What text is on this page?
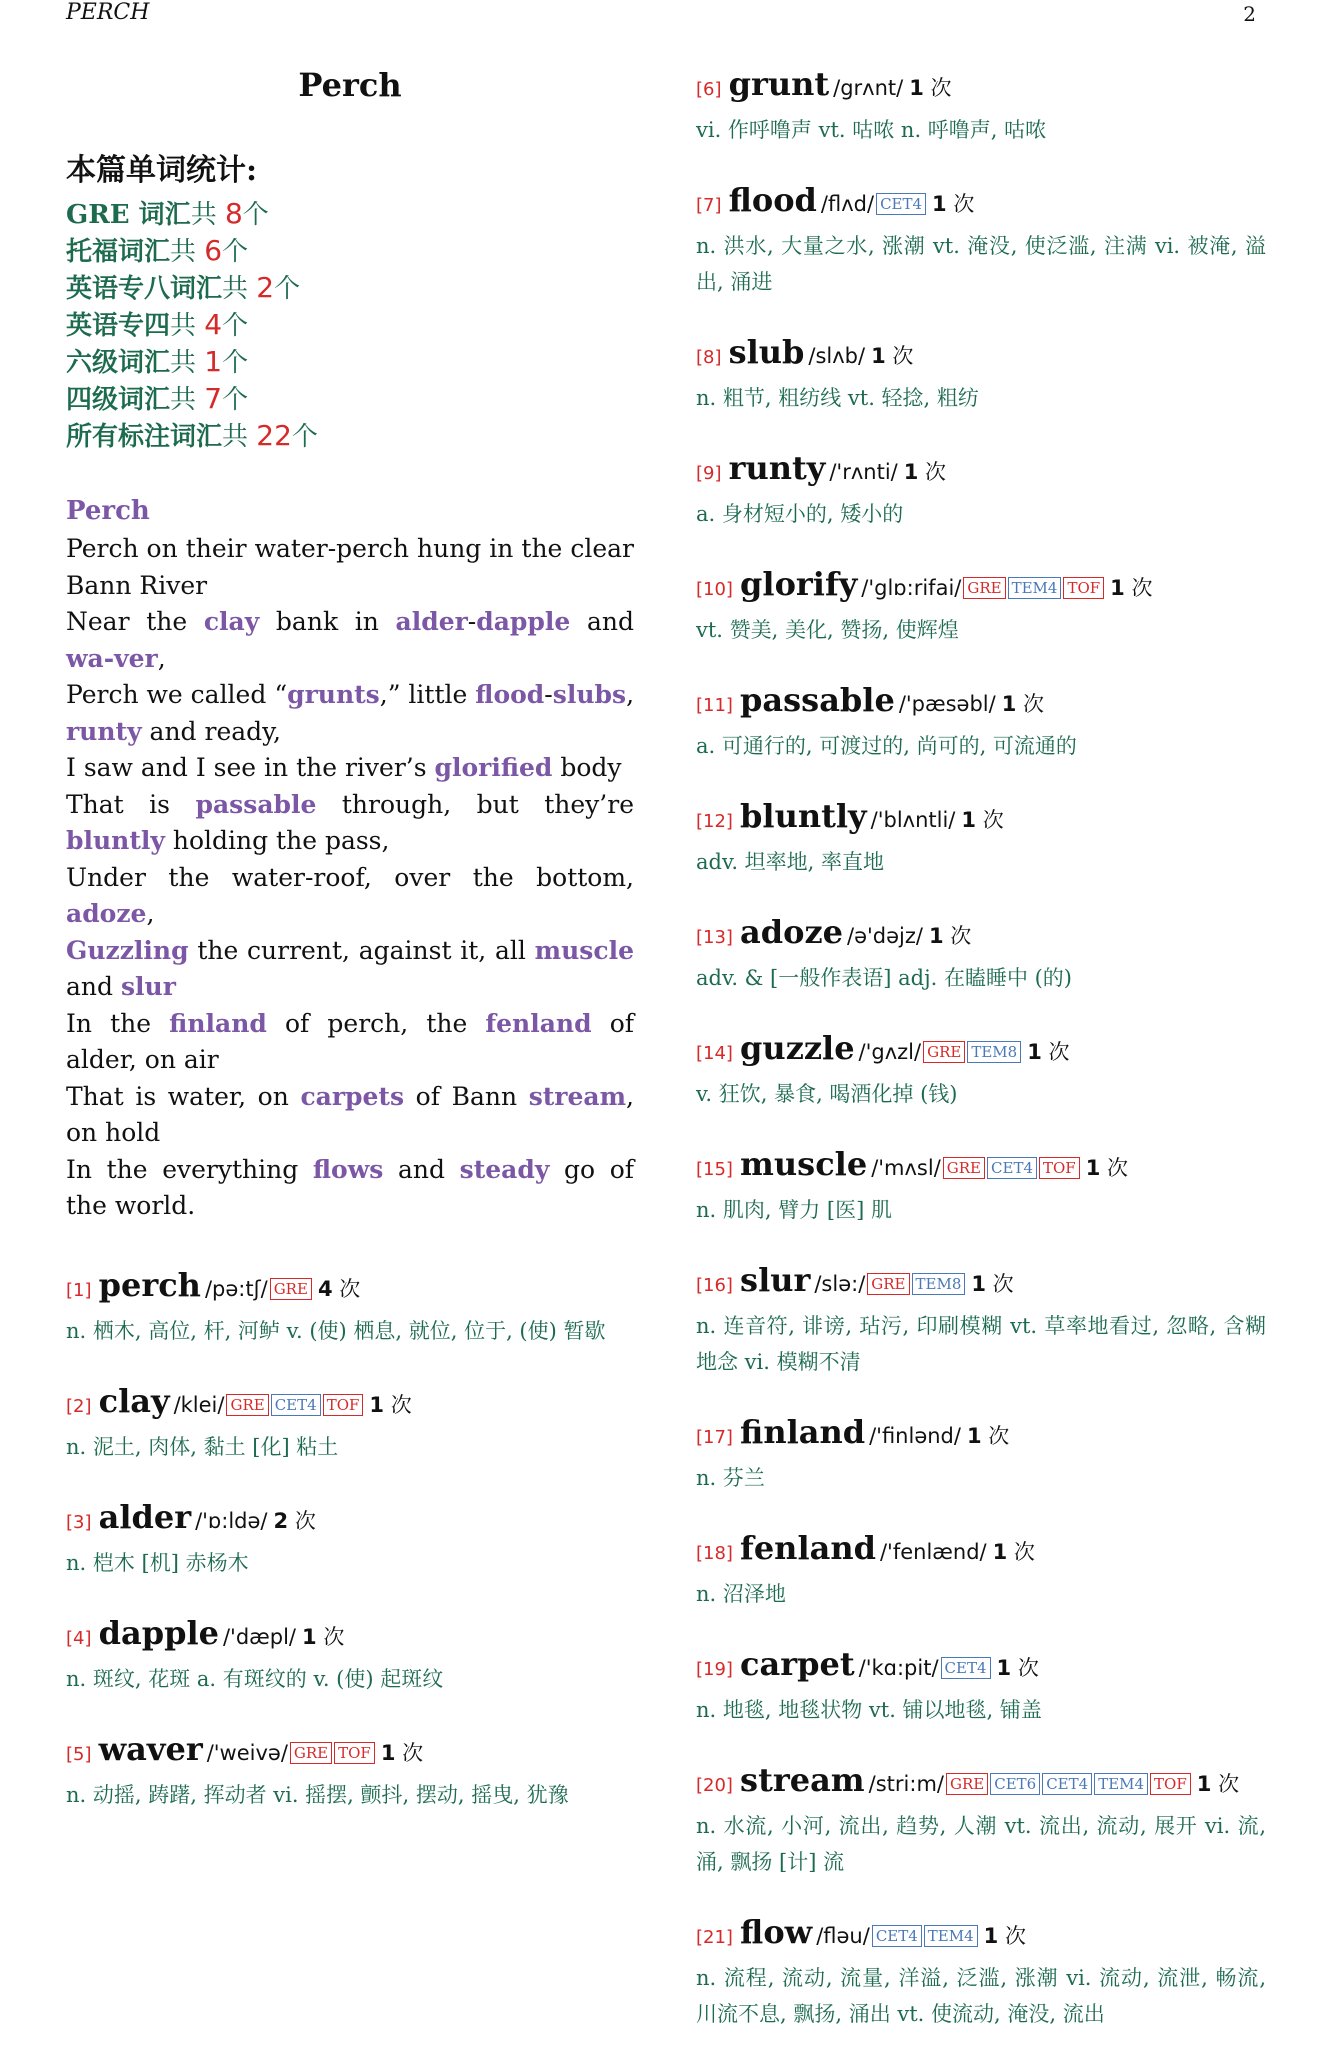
PERCH	2
Perch
本篇单词统计:
GRE 词汇共 8个
托福词汇共 6个
英语专八词汇共 2个
英语专四共 4个
六级词汇共 1个
四级词汇共 7个
所有标注词汇共 22个
Perch
Perch on their water-perch hung in the clear Bann River
Near the clay bank in alder-dapple and wa-ver,
Perch we called “grunts,” little flood-slubs, runty and ready,
I saw and I see in the river’s glorified body
That is passable through, but they’re bluntly holding the pass,
Under the water-roof, over the bottom, adoze,
Guzzling the current, against it, all muscle and slur
In the finland of perch, the fenland of alder, on air
That is water, on carpets of Bann stream, on hold
In the everything flows and steady go of the world.
[1] perch /pə:tʃ/ GRE 4 次
n. 栖木, 高位, 杆, 河鲈 v. (使) 栖息, 就位, 位于, (使) 暂歇
[2] clay /klei/ GRE CET4 TOF 1 次
n. 泥土, 肉体, 黏土 [化] 粘土
[3] alder /'ɒ:ldə/ 2 次
n. 桤木 [机] 赤杨木
[4] dapple /'dæpl/ 1 次
n. 斑纹, 花斑 a. 有斑纹的 v. (使) 起斑纹
[5] waver /'weivə/ GRE TOF 1 次
n. 动摇, 踌躇, 挥动者 vi. 摇摆, 颤抖, 摆动, 摇曳, 犹豫
[6] grunt /grʌnt/ 1 次
vi. 作呼噜声 vt. 咕哝 n. 呼噜声, 咕哝
[7] flood /flʌd/ CET4 1 次
n. 洪水, 大量之水, 涨潮 vt. 淹没, 使泛滥, 注满 vi. 被淹, 溢出, 涌进
[8] slub /slʌb/ 1 次
n. 粗节, 粗纺线 vt. 轻捻, 粗纺
[9] runty /'rʌnti/ 1 次
a. 身材短小的, 矮小的
[10] glorify /'glɒ:rifai/ GRE TEM4 TOF 1 次
vt. 赞美, 美化, 赞扬, 使辉煌
[11] passable /'pæsəbl/ 1 次
a. 可通行的, 可渡过的, 尚可的, 可流通的
[12] bluntly /'blʌntli/ 1 次
adv. 坦率地, 率直地
[13] adoze /ə'dəjz/ 1 次
adv. & [一般作表语] adj. 在瞌睡中 (的)
[14] guzzle /'gʌzl/ GRE TEM8 1 次
v. 狂饮, 暴食, 喝酒化掉 (钱)
[15] muscle /'mʌsl/ GRE CET4 TOF 1 次
n. 肌肉, 臂力 [医] 肌
[16] slur /slə:/ GRE TEM8 1 次
n. 连音符, 诽谤, 玷污, 印刷模糊 vt. 草率地看过, 忽略, 含糊地念 vi. 模糊不清
[17] finland /'finlənd/ 1 次
n. 芬兰
[18] fenland /'fenlænd/ 1 次
n. 沼泽地
[19] carpet /'kɑ:pit/ CET4 1 次
n. 地毯, 地毯状物 vt. 铺以地毯, 铺盖
[20] stream /stri:m/ GRE CET6 CET4 TEM4 TOF 1 次
n. 水流, 小河, 流出, 趋势, 人潮 vt. 流出, 流动, 展开 vi. 流, 涌, 飘扬 [计] 流
[21] flow /fləu/ CET4 TEM4 1 次
n. 流程, 流动, 流量, 洋溢, 泛滥, 涨潮 vi. 流动, 流泄, 畅流, 川流不息, 飘扬, 涌出 vt. 使流动, 淹没, 流出
